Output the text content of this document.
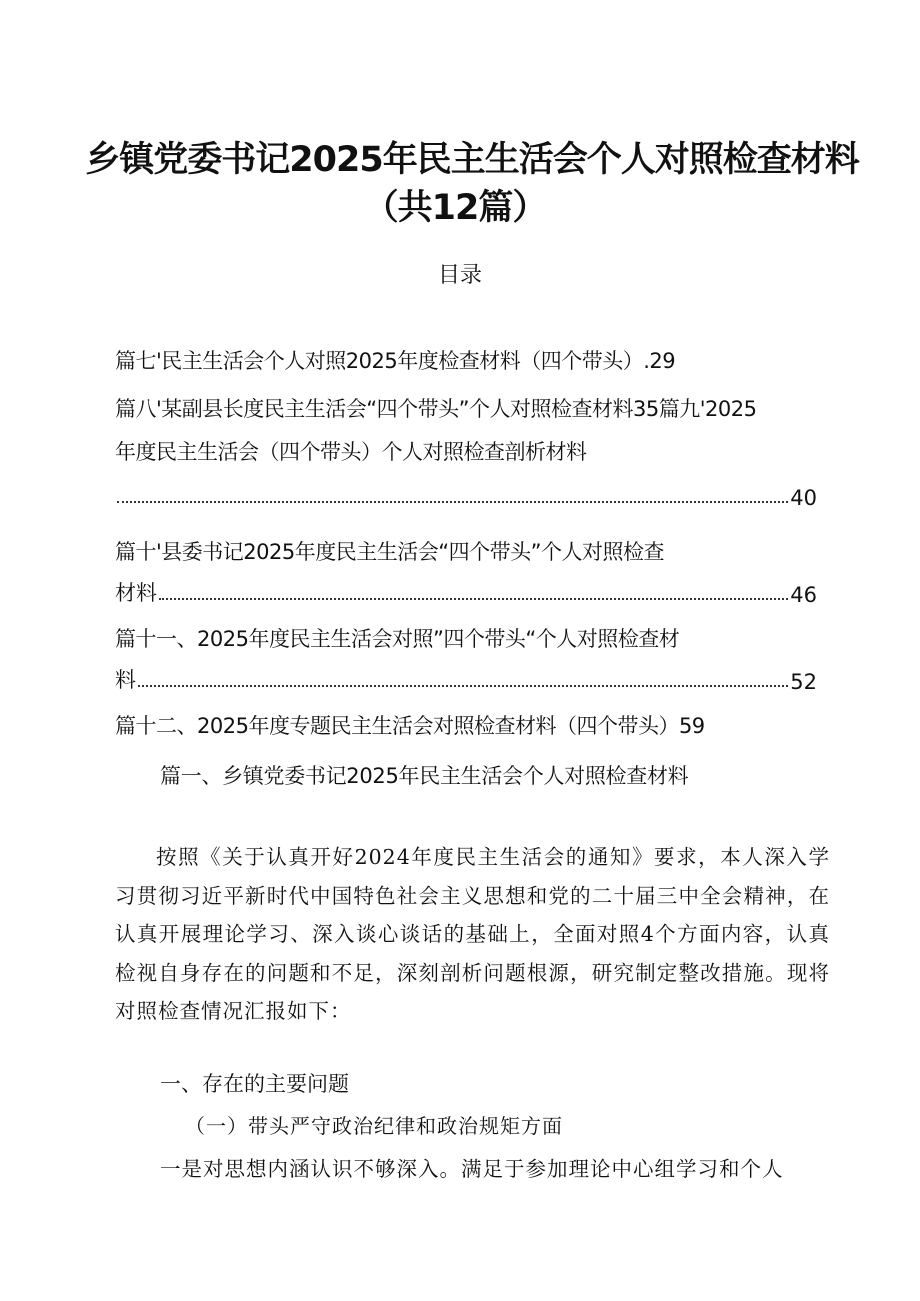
乡镇党委书记2025年民主生活会个人对照检查材料
（共12篇）
目录
篇七'民主生活会个人对照2025年度检查材料（四个带头）.29
篇八'某副县长度民主生活会“四个带头”个人对照检查材料35篇九'2025
年度民主生活会（四个带头）个人对照检查剖析材料
40
篇十'县委书记2025年度民主生活会“四个带头”个人对照检查
材料	46
篇十一、2025年度民主生活会对照”四个带头“个人对照检查材
料	52
篇十二、2025年度专题民主生活会对照检查材料（四个带头）59
篇一、乡镇党委书记2025年民主生活会个人对照检查材料
按照《关于认真开好2024年度民主生活会的通知》要求，本人深入学习贯彻习近平新时代中国特色社会主义思想和党的二十届三中全会精神，在认真开展理论学习、深入谈心谈话的基础上，全面对照4个方面内容，认真检视自身存在的问题和不足，深刻剖析问题根源，研究制定整改措施。现将对照检查情况汇报如下：
一、存在的主要问题
（一）带头严守政治纪律和政治规矩方面
一是对思想内涵认识不够深入。满足于参加理论中心组学习和个人
